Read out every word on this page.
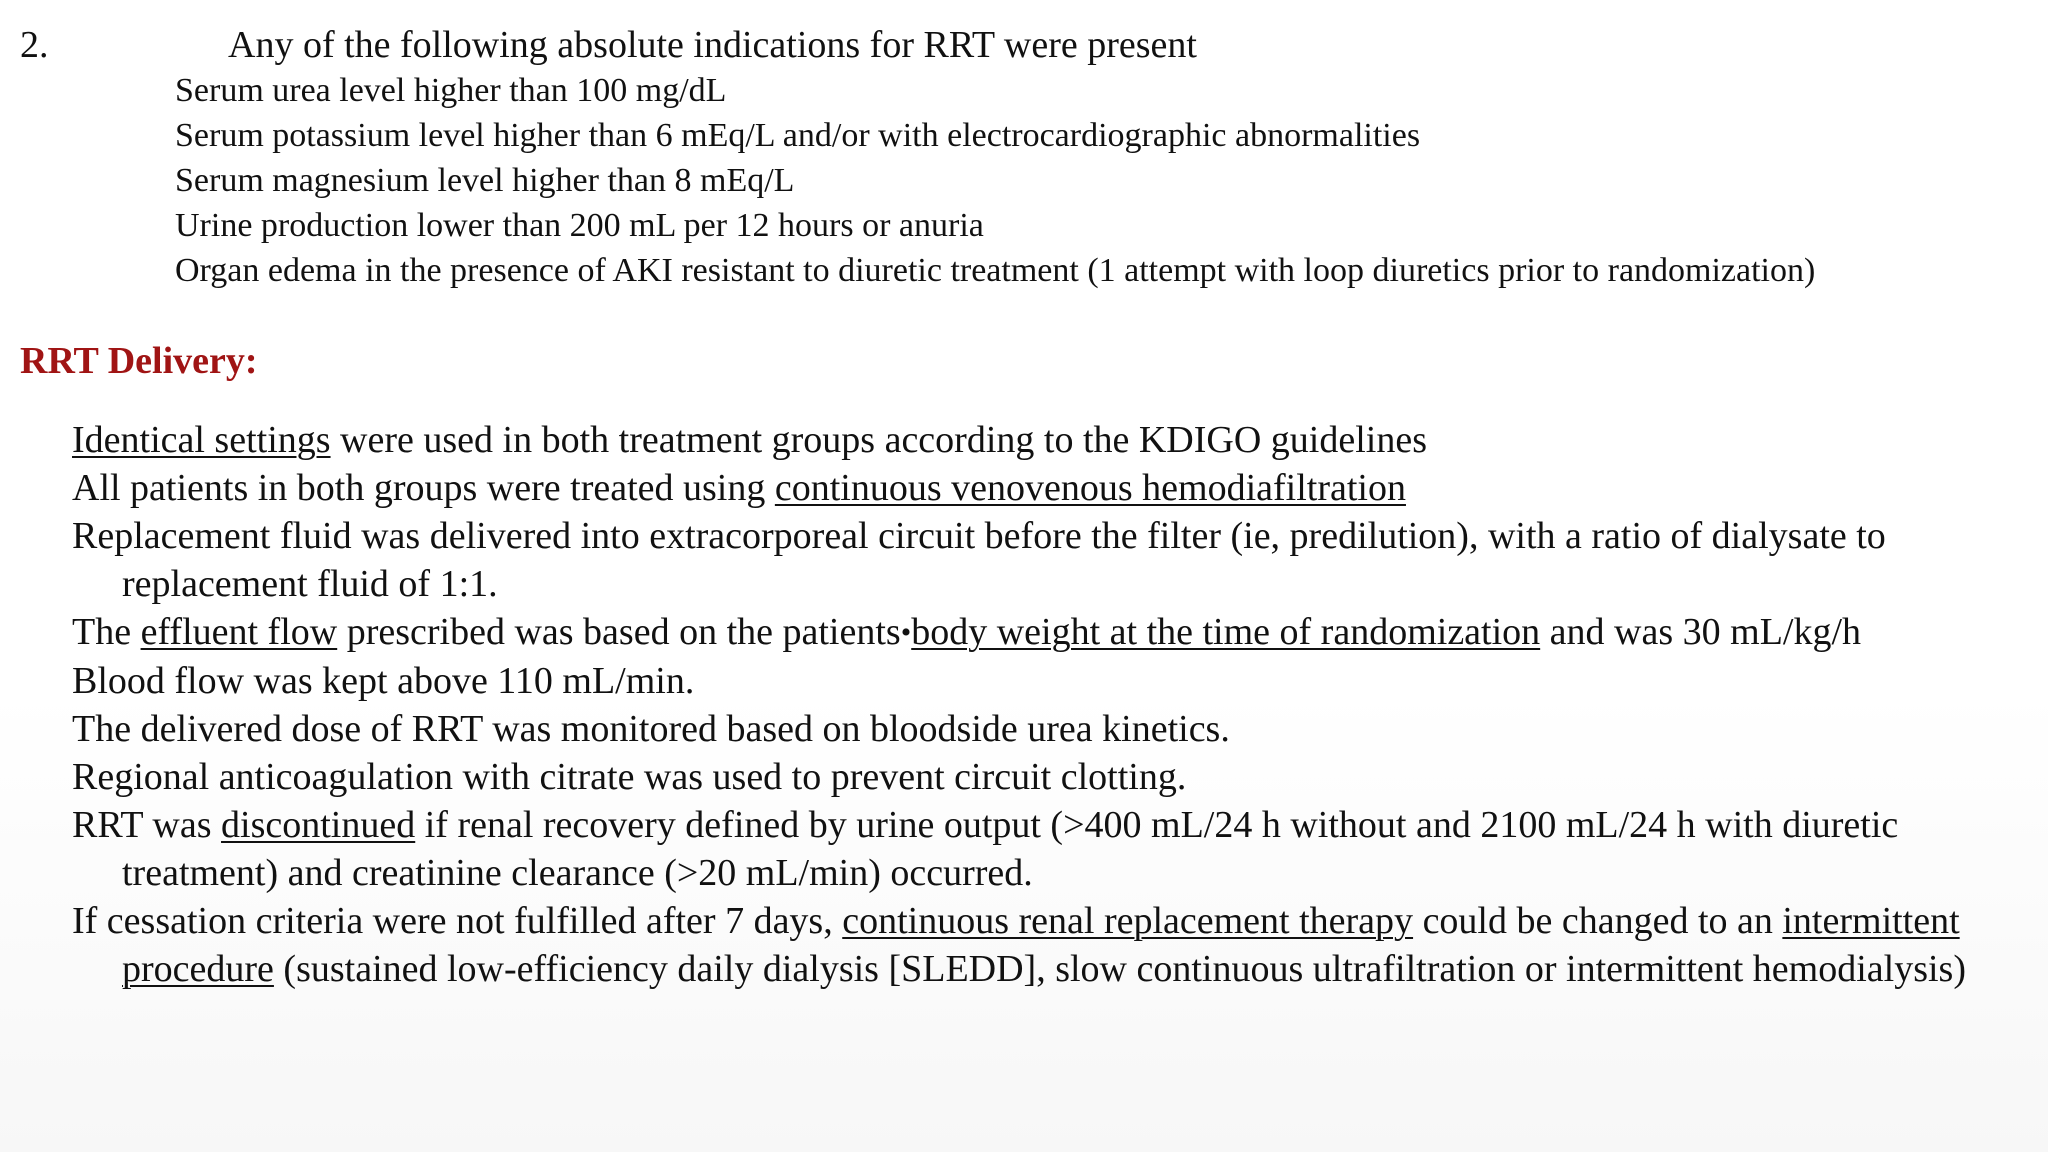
2.	Any of the following absolute indications for RRT were present
Serum urea level higher than 100 mg/dL
Serum potassium level higher than 6 mEq/L and/or with electrocardiographic abnormalities
Serum magnesium level higher than 8 mEq/L
Urine production lower than 200 mL per 12 hours or anuria
Organ edema in the presence of AKI resistant to diuretic treatment (1 attempt with loop diuretics prior to randomization)
RRT Delivery:
Identical settings were used in both treatment groups according to the KDIGO guidelines
All patients in both groups were treated using continuous venovenous hemodiafiltration
Replacement fluid was delivered into extracorporeal circuit before the filter (ie, predilution), with a ratio of dialysate to replacement fluid of 1:1.
The effluent flow prescribed was based on the patients•body weight at the time of randomization and was 30 mL/kg/h
Blood flow was kept above 110 mL/min.
The delivered dose of RRT was monitored based on bloodside urea kinetics.
Regional anticoagulation with citrate was used to prevent circuit clotting.
RRT was discontinued if renal recovery defined by urine output (>400 mL/24 h without and 2100 mL/24 h with diuretic treatment) and creatinine clearance (>20 mL/min) occurred.
If cessation criteria were not fulfilled after 7 days, continuous renal replacement therapy could be changed to an intermittent procedure (sustained low-efficiency daily dialysis [SLEDD], slow continuous ultrafiltration or intermittent hemodialysis)
